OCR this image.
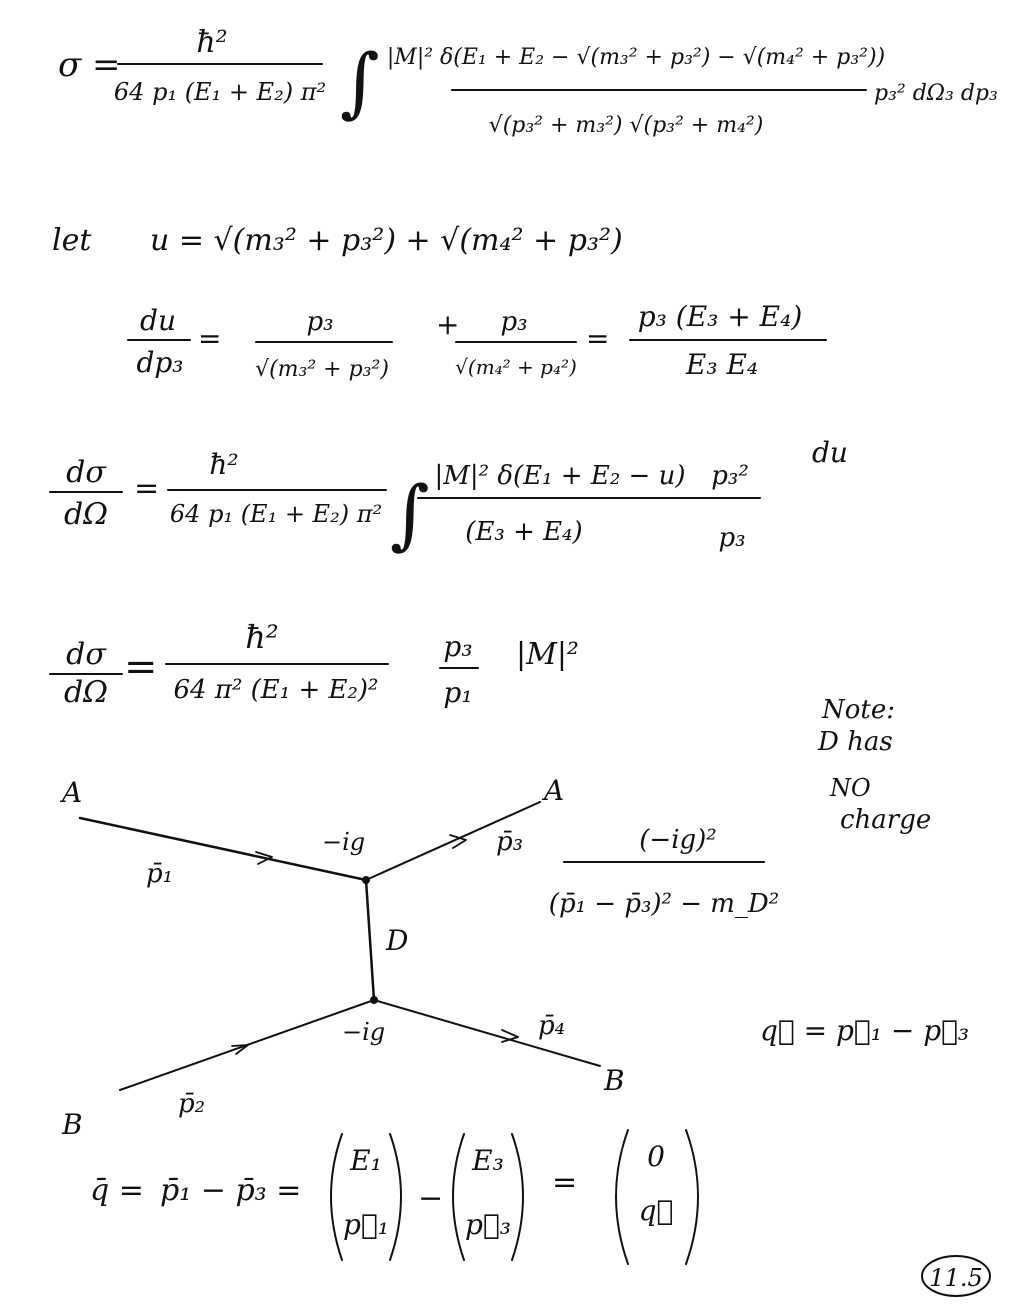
σ =
ħ²
64 p₁ (E₁ + E₂) π² ∫ |M|² δ(E₁ + E₂ − √(m₃² + p₃²) − √(m₄² + p₃²))
√(p₃² + m₃²) √(p₃² + m₄²)
p₃² dΩ₃ dp₃
let u = √(m₃² + p₃²) + √(m₄² + p₃²)
du
dp₃
=	p₃
√(m₃² + p₃²)
+ p₃
√(m₄² + p₄²)
=
p₃ (E₃ + E₄)
E₃ E₄
dσ
dΩ
=
ħ²
64 p₁ (E₁ + E₂) π² ∫ |M|² δ(E₁ + E₂ − u)
(E₃ + E₄)
p₃²
p₃
du
dσ
dΩ
=
ħ²
64 π² (E₁ + E₂)²
p₃
p₁
|M|²
Note:
D has
NO
charge
A	A
B
B
D
p̄₁
p̄₂
p̄₃
p̄₄
−ig
−ig
(−ig)²
(p̄₁ − p̄₃)² − m_D²
q⃗ = p⃗₁ − p⃗₃
q̄ = p̄₁ − p̄₃ =
E₁
p⃗₁
−
E₃
p⃗₃
=
0
q⃗
11.5
